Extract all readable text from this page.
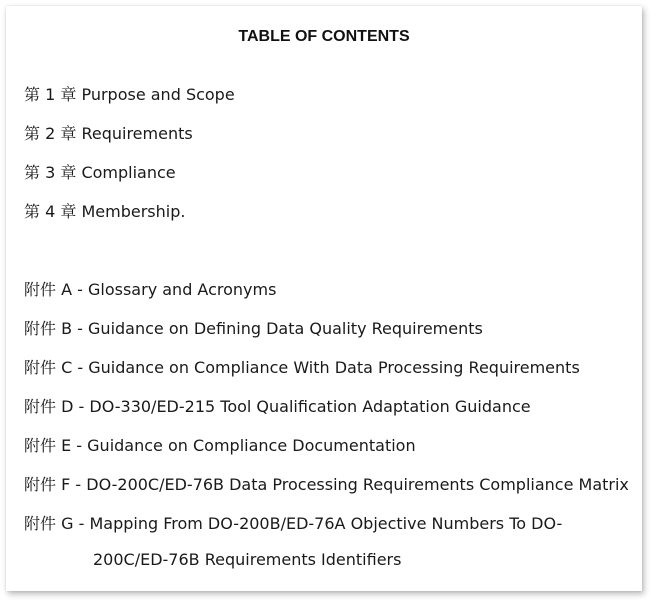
TABLE OF CONTENTS
第 1 章 Purpose and Scope
第 2 章 Requirements
第 3 章 Compliance
第 4 章 Membership.
附件 A - Glossary and Acronyms
附件 B - Guidance on Defining Data Quality Requirements
附件 C - Guidance on Compliance With Data Processing Requirements
附件 D - DO-330/ED-215 Tool Qualification Adaptation Guidance
附件 E - Guidance on Compliance Documentation
附件 F - DO-200C/ED-76B Data Processing Requirements Compliance Matrix
附件 G - Mapping From DO-200B/ED-76A Objective Numbers To DO-
200C/ED-76B Requirements Identifiers
